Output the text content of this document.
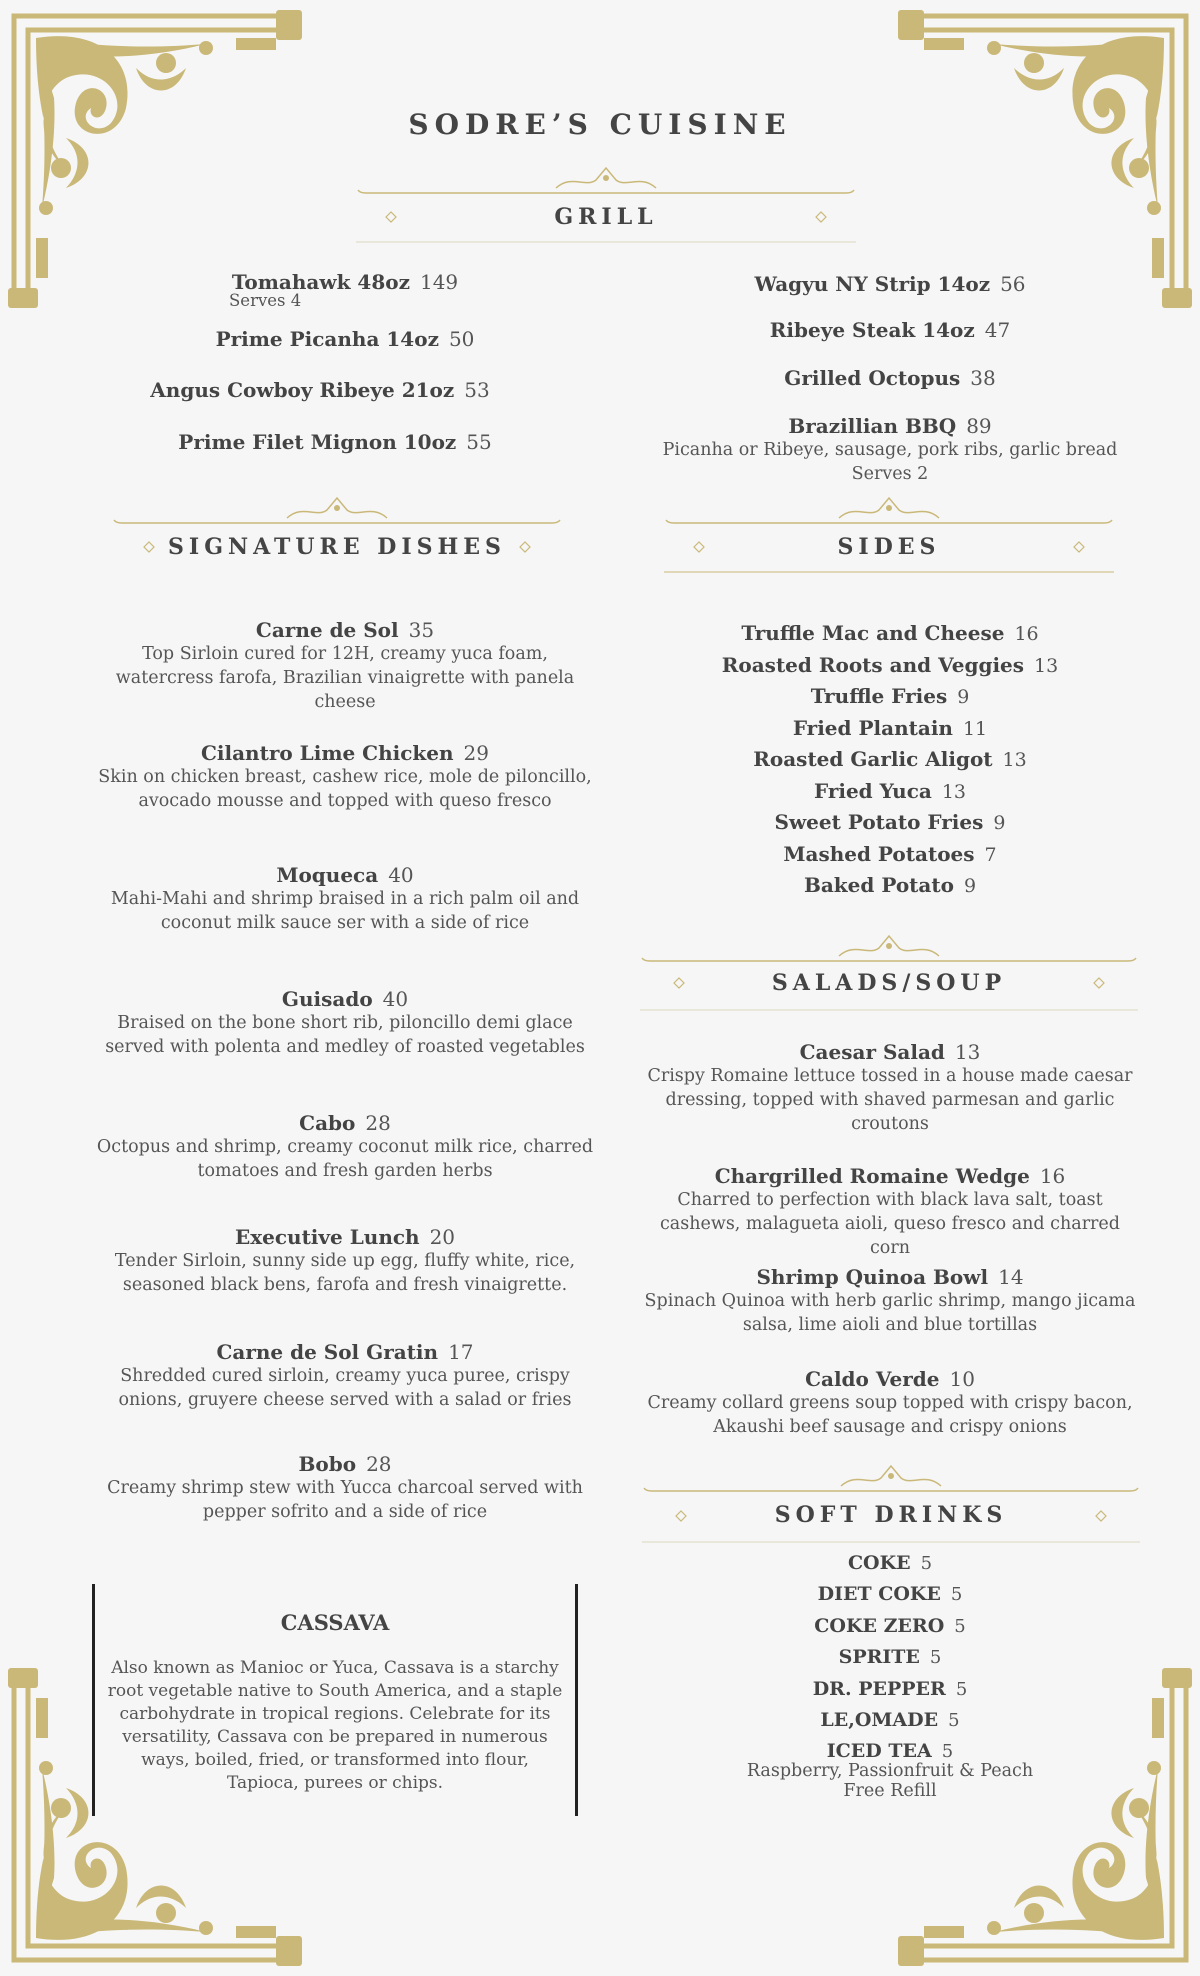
SODRE’S CUISINE
GRILL
Tomahawk 48oz 149
Serves 4
Prime Picanha 14oz 50
Angus Cowboy Ribeye 21oz 53
Prime Filet Mignon 10oz 55
Wagyu NY Strip 14oz 56
Ribeye Steak 14oz 47
Grilled Octopus 38
Brazillian BBQ 89
Picanha or Ribeye, sausage, pork ribs, garlic bread
Serves 2
SIGNATURE DISHES	SIDES
Carne de Sol 35
Top Sirloin cured for 12H, creamy yuca foam, watercress farofa, Brazilian vinaigrette with panela cheese
Cilantro Lime Chicken 29
Skin on chicken breast, cashew rice, mole de piloncillo, avocado mousse and topped with queso fresco
Moqueca 40
Mahi-Mahi and shrimp braised in a rich palm oil and coconut milk sauce ser with a side of rice
Guisado 40
Braised on the bone short rib, piloncillo demi glace served with polenta and medley of roasted vegetables
Cabo 28
Octopus and shrimp, creamy coconut milk rice, charred tomatoes and fresh garden herbs
Executive Lunch 20
Tender Sirloin, sunny side up egg, fluffy white, rice, seasoned black bens, farofa and fresh vinaigrette.
Carne de Sol Gratin 17
Shredded cured sirloin, creamy yuca puree, crispy onions, gruyere cheese served with a salad or fries
Bobo 28
Creamy shrimp stew with Yucca charcoal served with pepper sofrito and a side of rice
Truffle Mac and Cheese 16
Roasted Roots and Veggies 13
Truffle Fries 9
Fried Plantain 11
Roasted Garlic Aligot 13
Fried Yuca 13
Sweet Potato Fries 9
Mashed Potatoes 7
Baked Potato 9
SALADS/SOUP
Caesar Salad 13
Crispy Romaine lettuce tossed in a house made caesar dressing, topped with shaved parmesan and garlic croutons
Chargrilled Romaine Wedge 16
Charred to perfection with black lava salt, toast cashews, malagueta aioli, queso fresco and charred corn
Shrimp Quinoa Bowl 14
Spinach Quinoa with herb garlic shrimp, mango jicama salsa, lime aioli and blue tortillas
Caldo Verde 10
Creamy collard greens soup topped with crispy bacon, Akaushi beef sausage and crispy onions
SOFT DRINKS
COKE 5
DIET COKE 5
COKE ZERO 5
SPRITE 5
DR. PEPPER 5
LE,OMADE 5
ICED TEA 5
Raspberry, Passionfruit & Peach
Free Refill
CASSAVA
Also known as Manioc or Yuca, Cassava is a starchy root vegetable native to South America, and a staple carbohydrate in tropical regions. Celebrate for its versatility, Cassava con be prepared in numerous ways, boiled, fried, or transformed into flour, Tapioca, purees or chips.
